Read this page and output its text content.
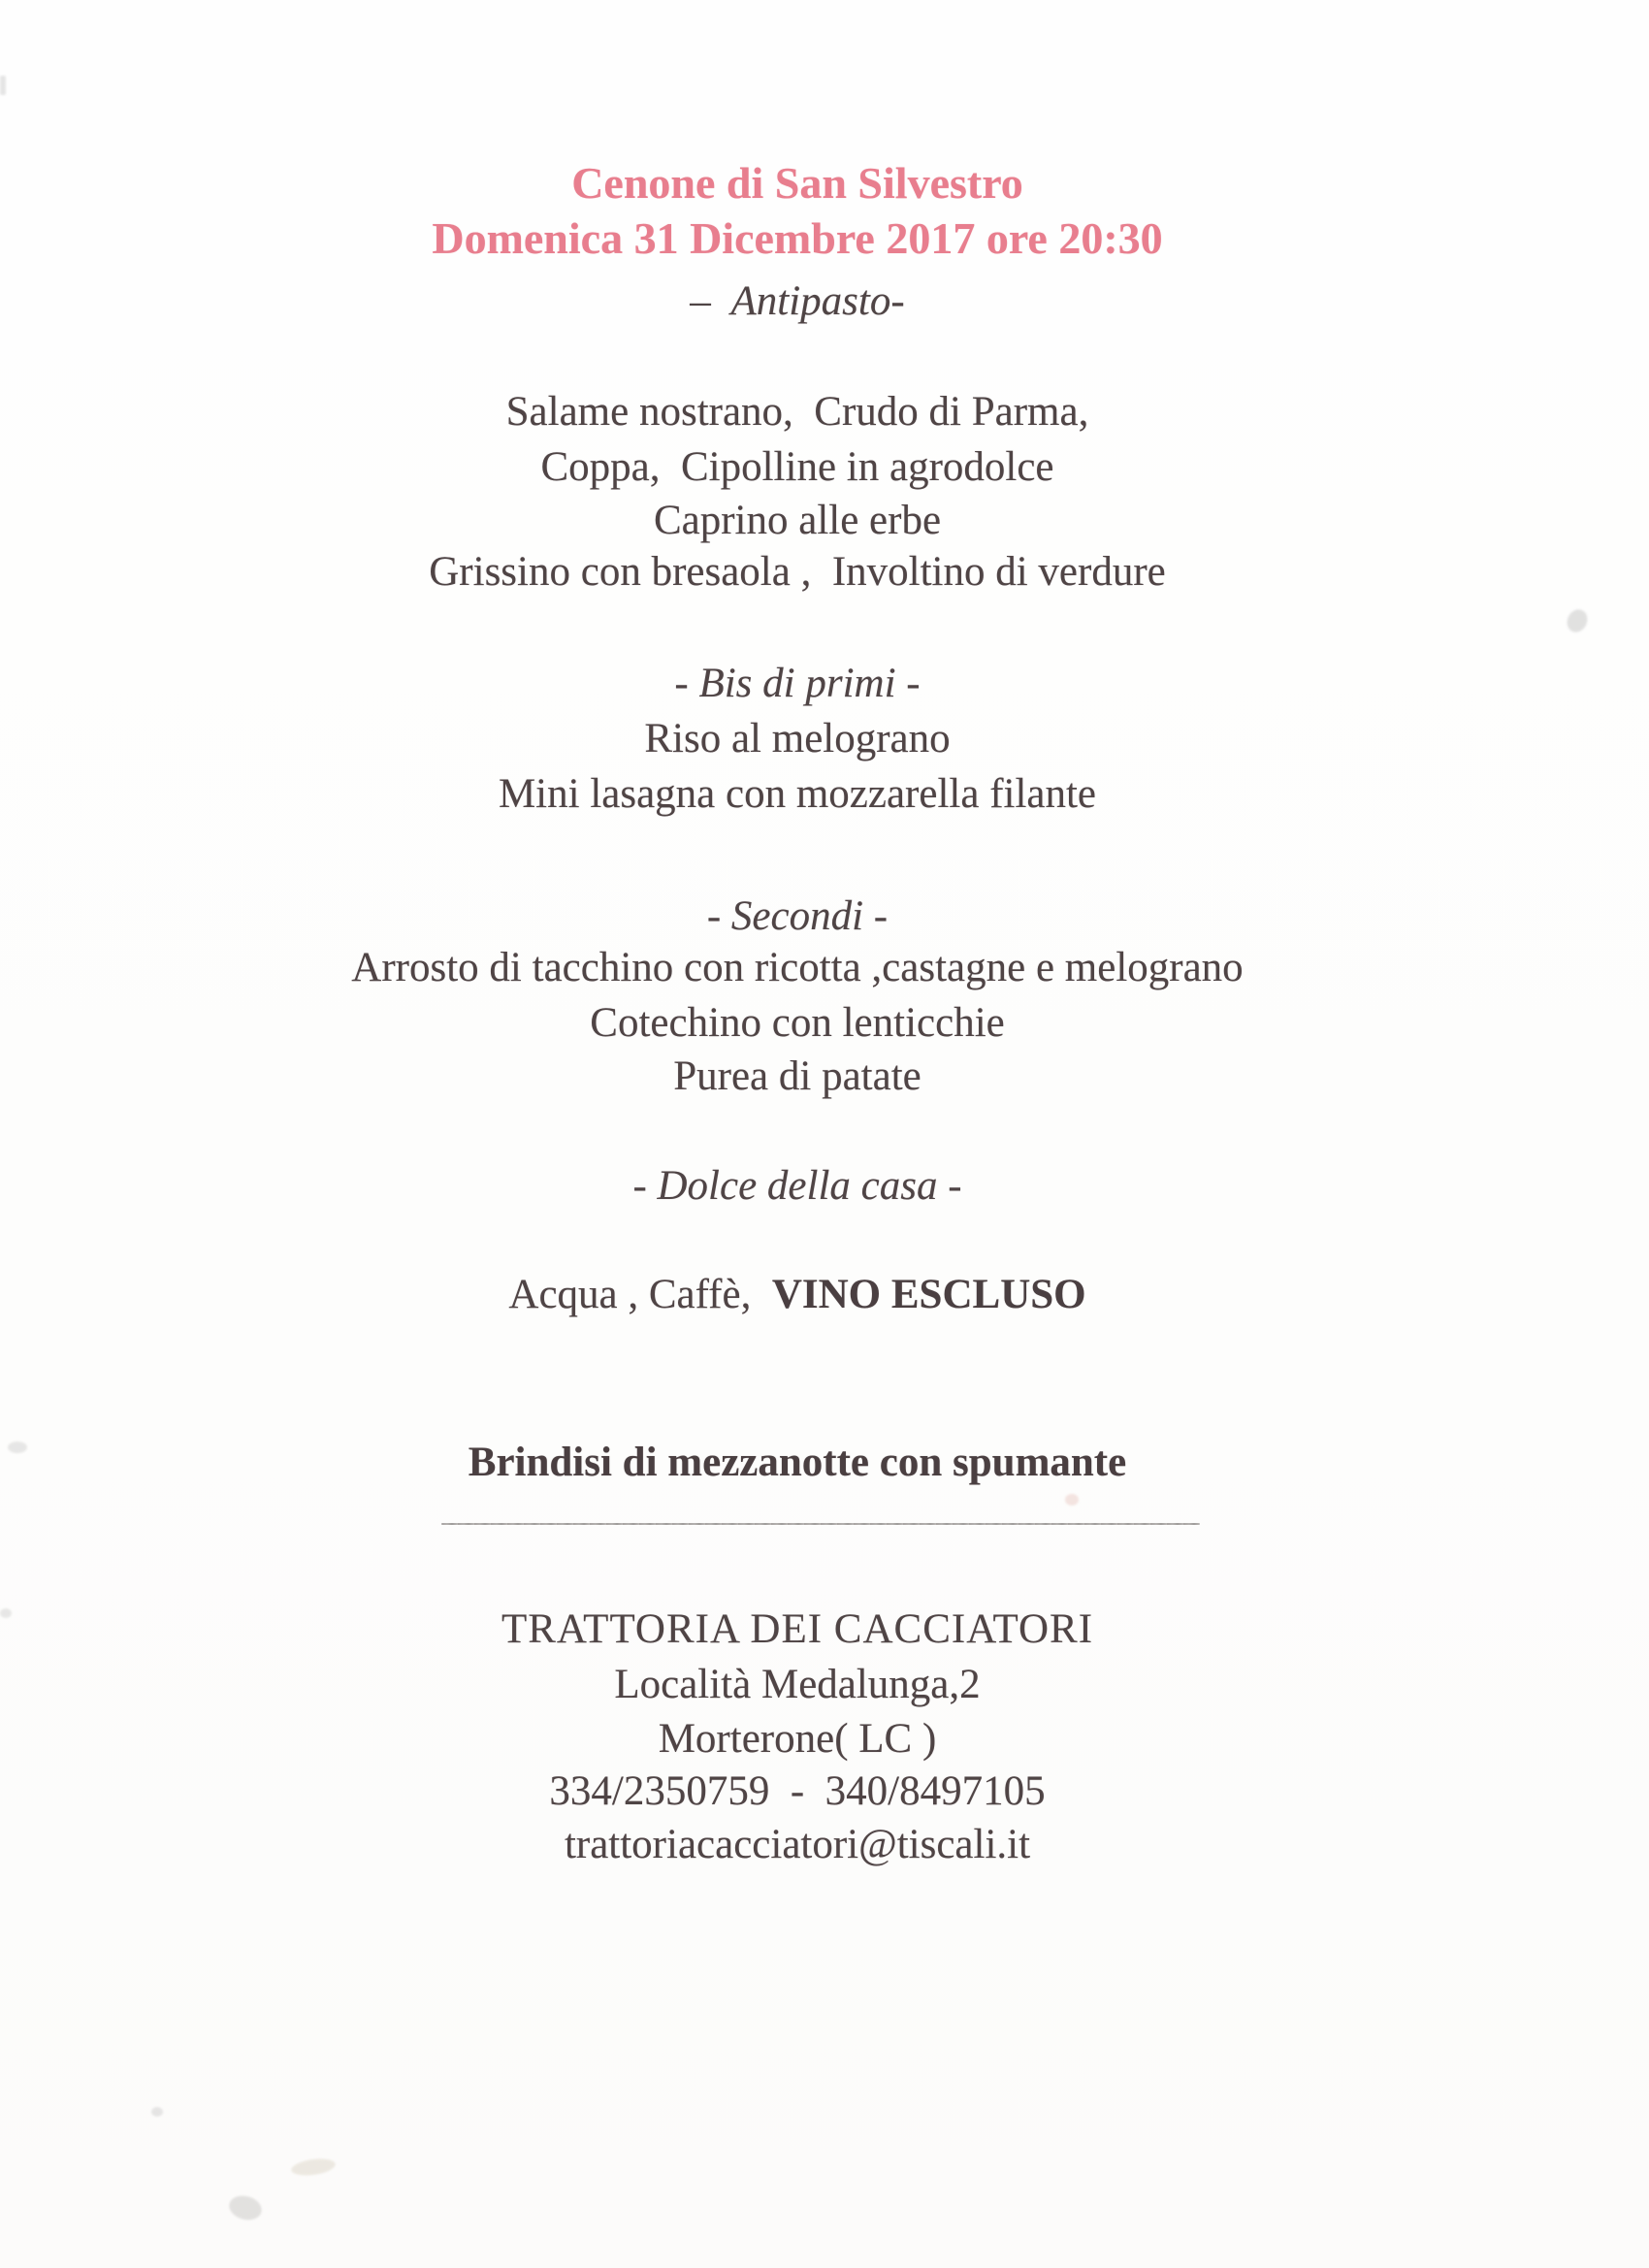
Cenone di San Silvestro
Domenica 31 Dicembre 2017 ore 20:30
–  Antipasto-
Salame nostrano,  Crudo di Parma,
Coppa,  Cipolline in agrodolce
Caprino alle erbe
Grissino con bresaola ,  Involtino di verdure
- Bis di primi -
Riso al melograno
Mini lasagna con mozzarella filante
- Secondi -
Arrosto di tacchino con ricotta ,castagne e melograno
Cotechino con lenticchie
Purea di patate
- Dolce della casa -
Acqua , Caffè,  VINO ESCLUSO
Brindisi di mezzanotte con spumante
TRATTORIA DEI CACCIATORI
Località Medalunga,2
Morterone( LC )
334/2350759  -  340/8497105
trattoriacacciatori@tiscali.it
